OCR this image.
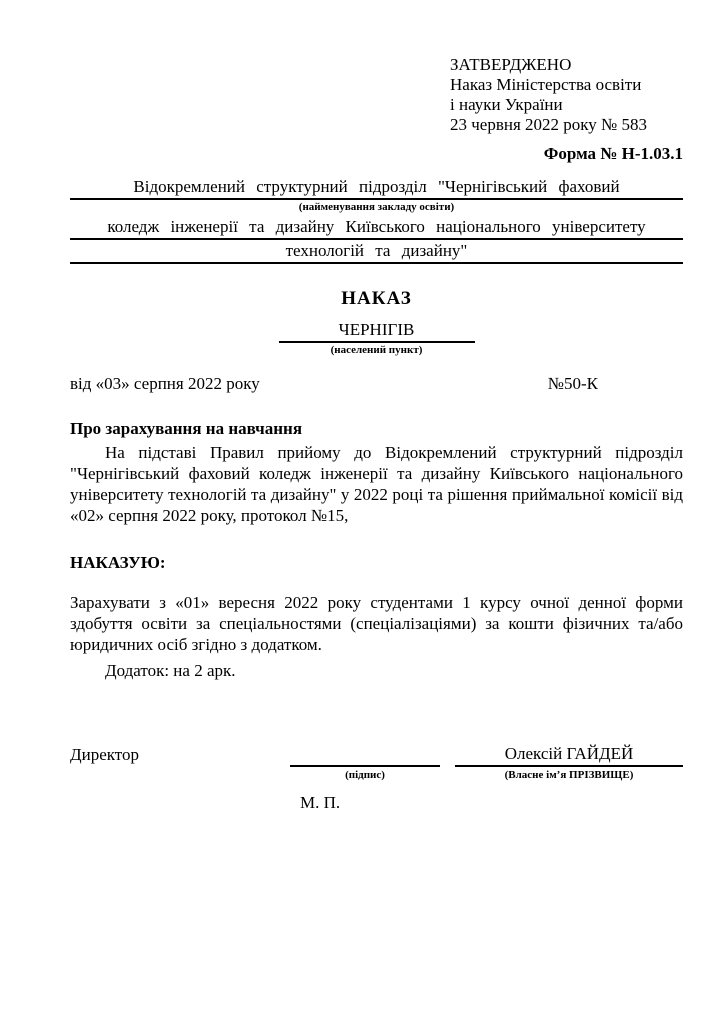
ЗАТВЕРДЖЕНО
Наказ Міністерства освіти
і науки України
23 червня 2022 року № 583
Форма № Н-1.03.1
Відокремлений структурний підрозділ "Чернігівський фаховий
(найменування закладу освіти)
коледж інженерії та дизайну Київського національного університету
технологій та дизайну"
НАКАЗ
ЧЕРНІГІВ
(населений пункт)
від «03» серпня 2022 року	№50-К
Про зарахування на навчання
На підставі Правил прийому до Відокремлений структурний підрозділ "Чернігівський фаховий коледж інженерії та дизайну Київського національного університету технологій та дизайну" у 2022 році та рішення приймальної комісії від «02» серпня 2022 року, протокол №15,
НАКАЗУЮ:
Зарахувати з «01» вересня 2022 року студентами 1 курсу очної денної форми здобуття освіти за спеціальностями (спеціалізаціями) за кошти фізичних та/або юридичних осіб згідно з додатком.
Додаток: на 2 арк.
Директор	Олексій ГАЙДЕЙ
(підпис)	(Власне ім’я ПРІЗВИЩЕ)
М. П.
